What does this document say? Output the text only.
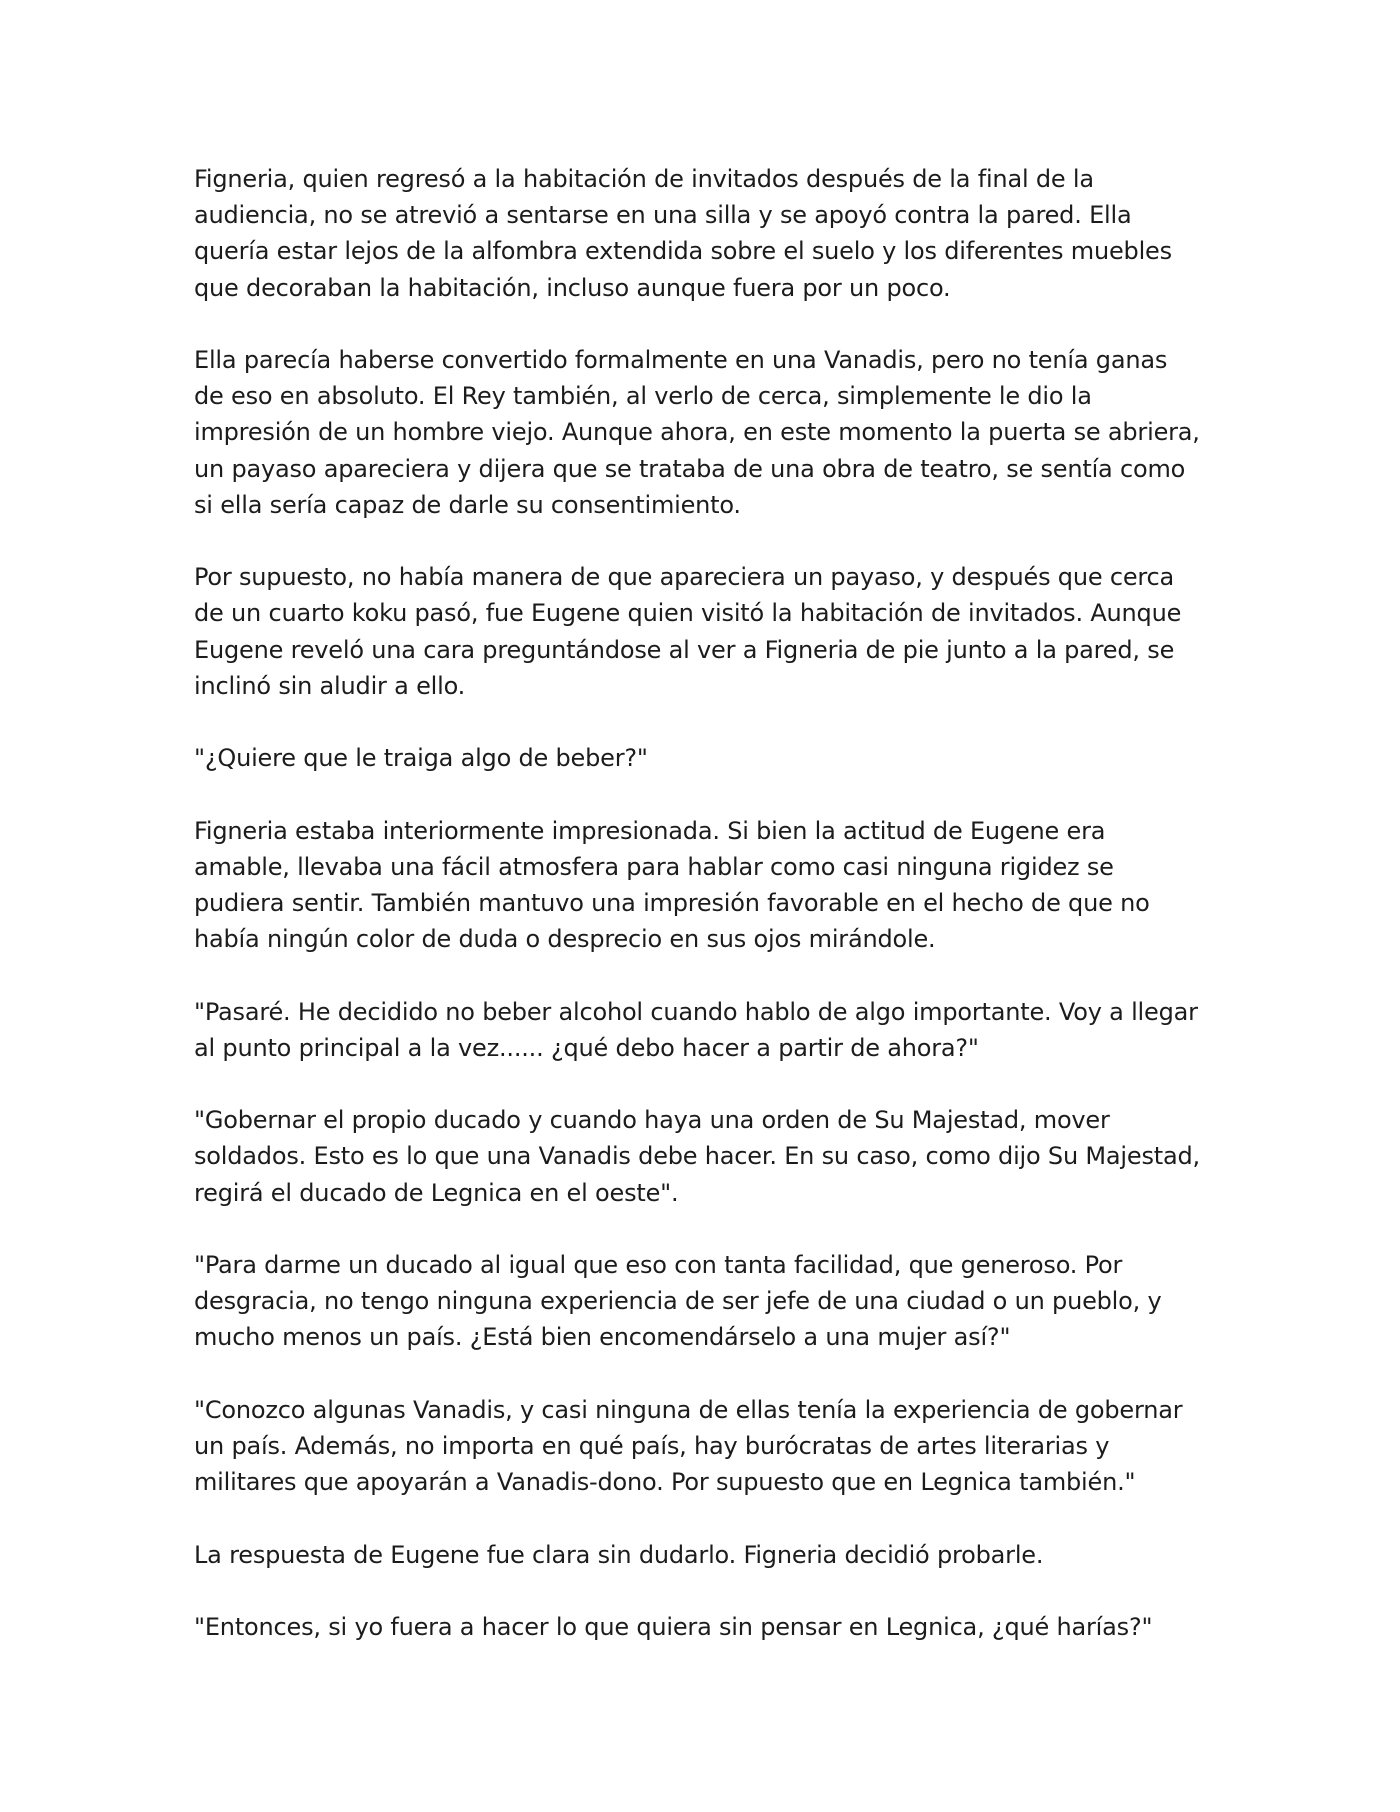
Figneria, quien regresó a la habitación de invitados después de la final de la audiencia, no se atrevió a sentarse en una silla y se apoyó contra la pared. Ella quería estar lejos de la alfombra extendida sobre el suelo y los diferentes muebles que decoraban la habitación, incluso aunque fuera por un poco.

Ella parecía haberse convertido formalmente en una Vanadis, pero no tenía ganas de eso en absoluto. El Rey también, al verlo de cerca, simplemente le dio la impresión de un hombre viejo. Aunque ahora, en este momento la puerta se abriera, un payaso apareciera y dijera que se trataba de una obra de teatro, se sentía como si ella sería capaz de darle su consentimiento.

Por supuesto, no había manera de que apareciera un payaso, y después que cerca de un cuarto koku pasó, fue Eugene quien visitó la habitación de invitados. Aunque Eugene reveló una cara preguntándose al ver a Figneria de pie junto a la pared, se inclinó sin aludir a ello.

"¿Quiere que le traiga algo de beber?"

Figneria estaba interiormente impresionada. Si bien la actitud de Eugene era amable, llevaba una fácil atmosfera para hablar como casi ninguna rigidez se pudiera sentir. También mantuvo una impresión favorable en el hecho de que no había ningún color de duda o desprecio en sus ojos mirándole.

"Pasaré. He decidido no beber alcohol cuando hablo de algo importante. Voy a llegar al punto principal a la vez...... ¿qué debo hacer a partir de ahora?"

"Gobernar el propio ducado y cuando haya una orden de Su Majestad, mover soldados. Esto es lo que una Vanadis debe hacer. En su caso, como dijo Su Majestad, regirá el ducado de Legnica en el oeste".

"Para darme un ducado al igual que eso con tanta facilidad, que generoso. Por desgracia, no tengo ninguna experiencia de ser jefe de una ciudad o un pueblo, y mucho menos un país. ¿Está bien encomendárselo a una mujer así?"

"Conozco algunas Vanadis, y casi ninguna de ellas tenía la experiencia de gobernar un país. Además, no importa en qué país, hay burócratas de artes literarias y militares que apoyarán a Vanadis-dono. Por supuesto que en Legnica también."

La respuesta de Eugene fue clara sin dudarlo. Figneria decidió probarle.

"Entonces, si yo fuera a hacer lo que quiera sin pensar en Legnica, ¿qué harías?"
